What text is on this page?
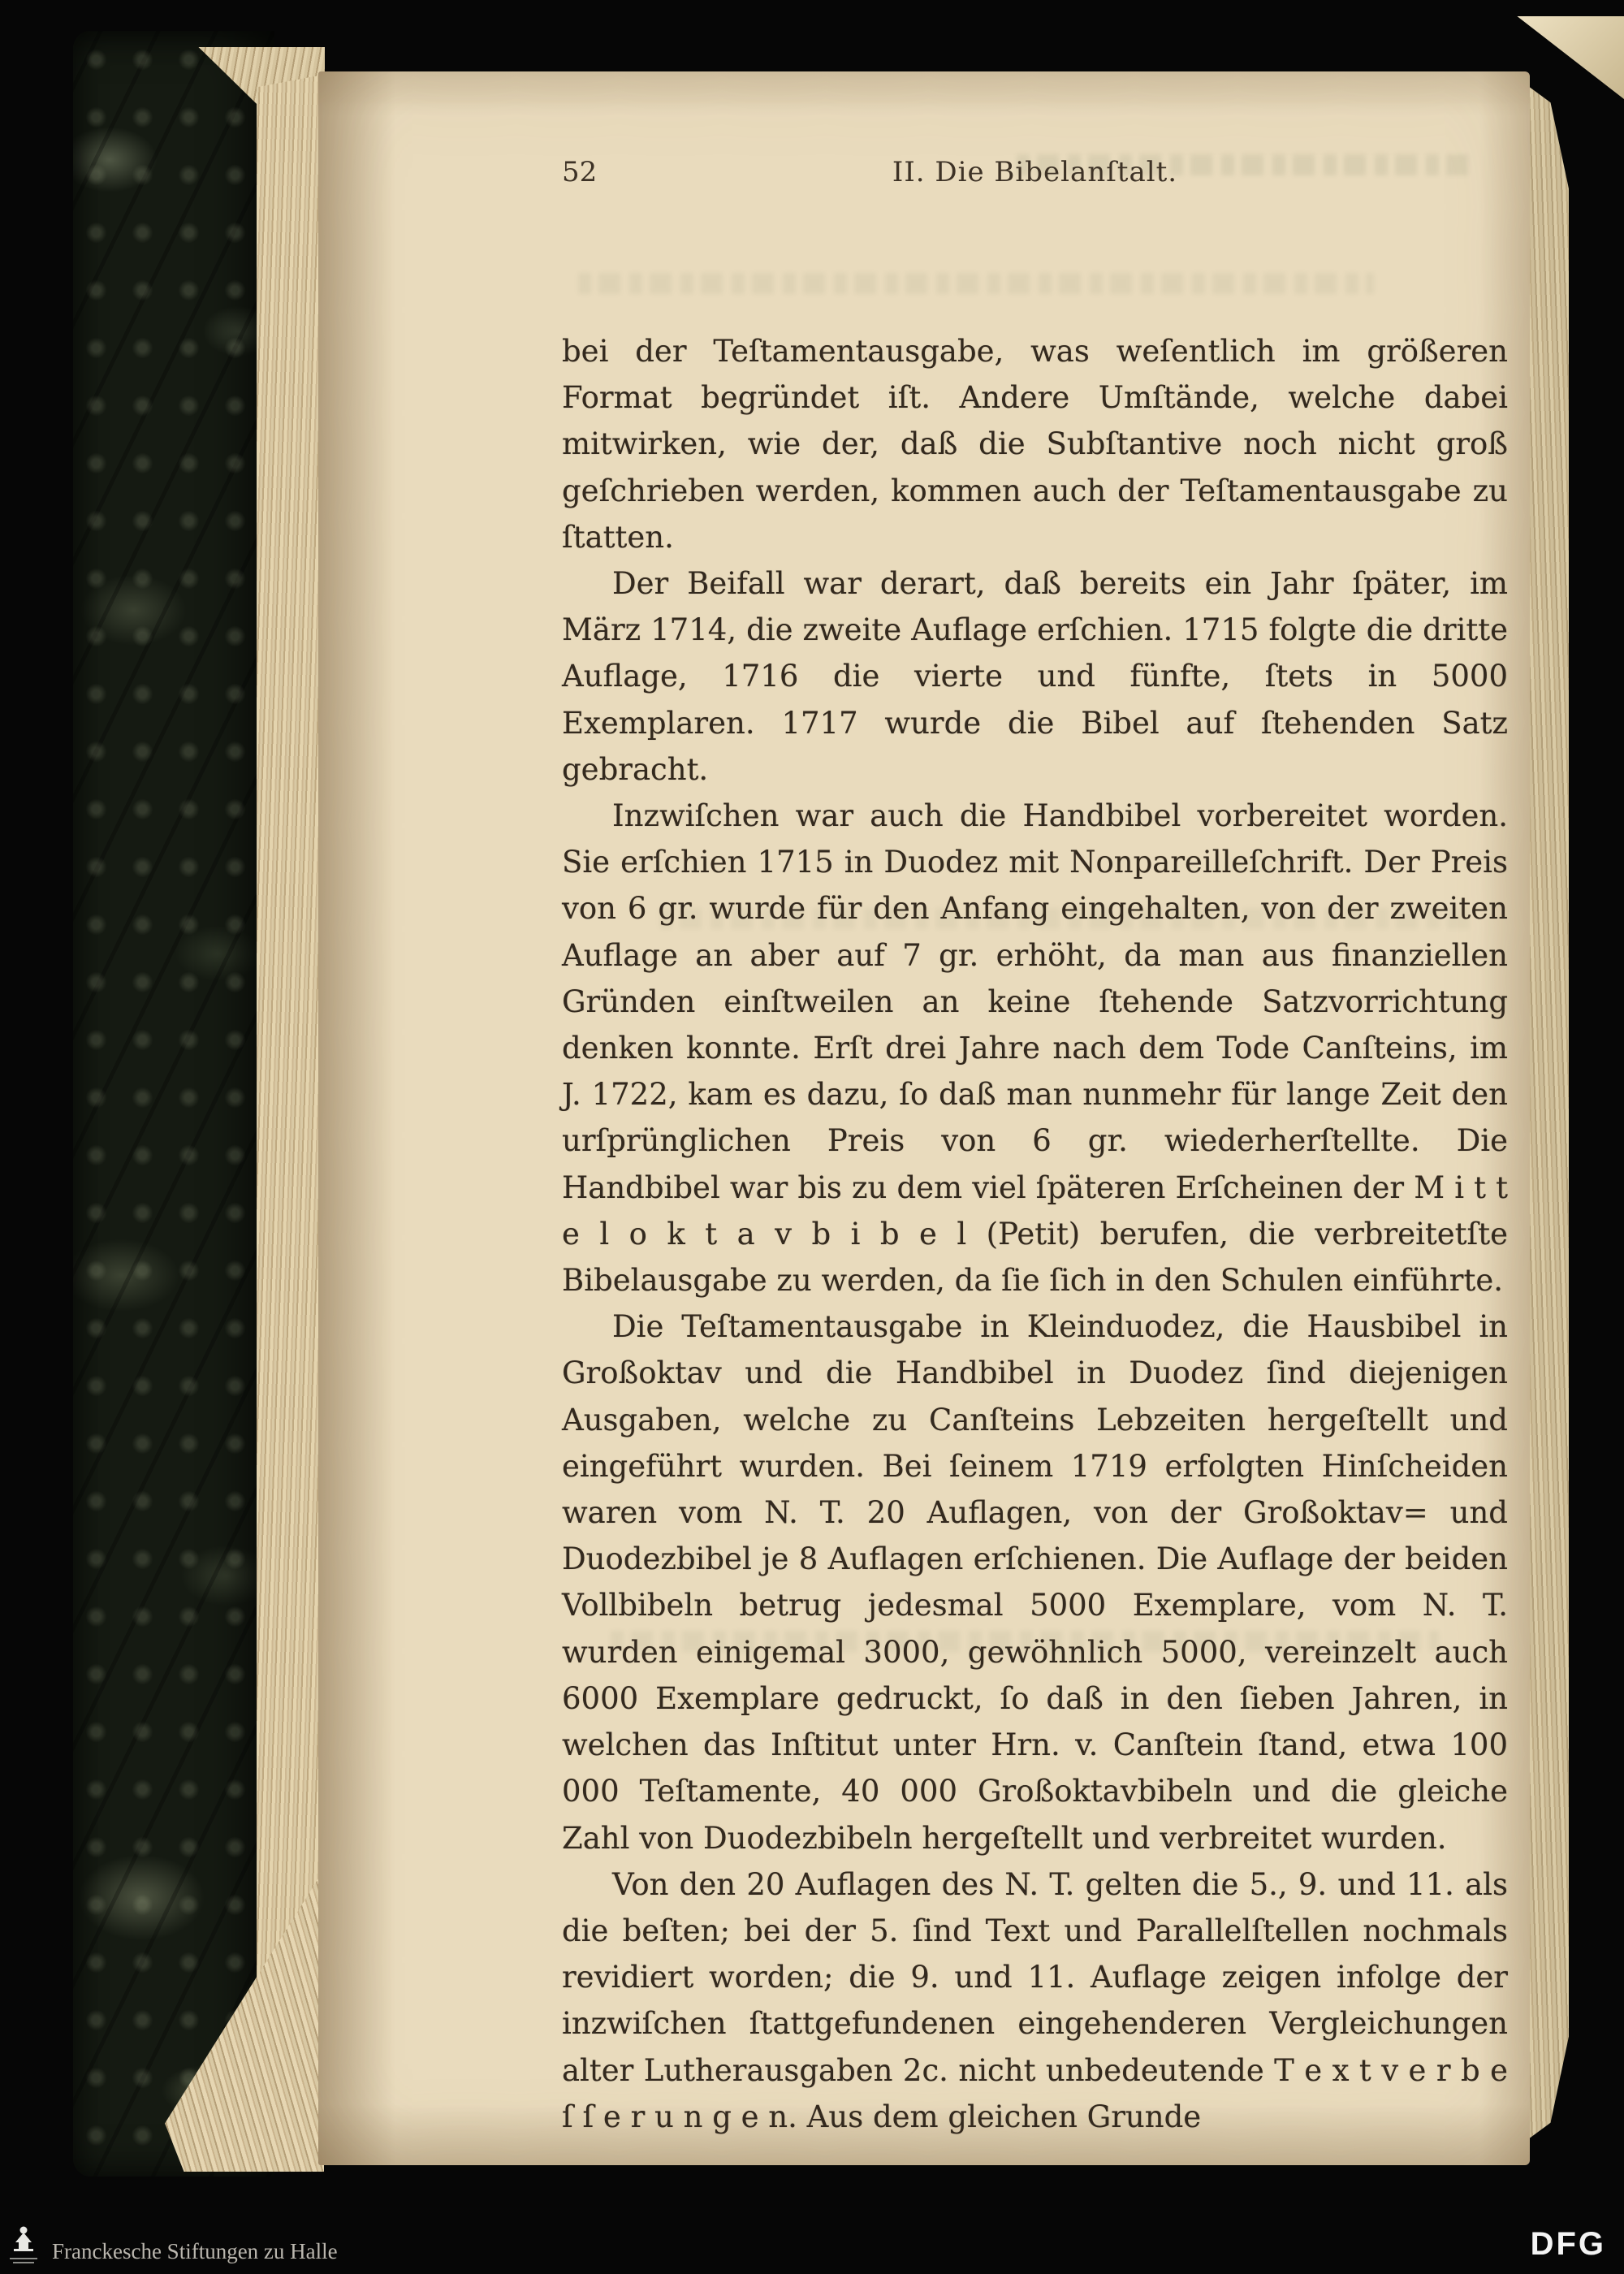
52	II. Die Bibelanſtalt.

bei der Teſtamentausgabe, was weſentlich im größeren Format begründet iſt. Andere Umſtände, welche dabei mitwirken, wie der, daß die Subſtantive noch nicht groß geſchrieben werden, kommen auch der Teſtamentausgabe zu ſtatten.

Der Beifall war derart, daß bereits ein Jahr ſpäter, im März 1714, die zweite Auflage erſchien. 1715 folgte die dritte Auflage, 1716 die vierte und fünfte, ſtets in 5000 Exemplaren. 1717 wurde die Bibel auf ſtehenden Satz gebracht.

Inzwiſchen war auch die Handbibel vorbereitet worden. Sie erſchien 1715 in Duodez mit Nonpareilleſchrift. Der Preis von 6 gr. wurde für den Anfang eingehalten, von der zweiten Auflage an aber auf 7 gr. erhöht, da man aus finanziellen Gründen einſtweilen an keine ſtehende Satzvorrichtung denken konnte. Erſt drei Jahre nach dem Tode Canſteins, im J. 1722, kam es dazu, ſo daß man nunmehr für lange Zeit den urſprünglichen Preis von 6 gr. wiederherſtellte. Die Handbibel war bis zu dem viel ſpäteren Erſcheinen der M i t t e l o k t a v b i b e l (Petit) berufen, die verbreitetſte Bibelausgabe zu werden, da ſie ſich in den Schulen einführte.

Die Teſtamentausgabe in Kleinduodez, die Hausbibel in Großoktav und die Handbibel in Duodez ſind diejenigen Ausgaben, welche zu Canſteins Lebzeiten hergeſtellt und eingeführt wurden. Bei ſeinem 1719 erfolgten Hinſcheiden waren vom N. T. 20 Auflagen, von der Großoktav= und Duodezbibel je 8 Auflagen erſchienen. Die Auflage der beiden Vollbibeln betrug jedesmal 5000 Exemplare, vom N. T. wurden einigemal 3000, gewöhnlich 5000, vereinzelt auch 6000 Exemplare gedruckt, ſo daß in den ſieben Jahren, in welchen das Inſtitut unter Hrn. v. Canſtein ſtand, etwa 100 000 Teſtamente, 40 000 Großoktavbibeln und die gleiche Zahl von Duodezbibeln hergeſtellt und verbreitet wurden.

Von den 20 Auflagen des N. T. gelten die 5., 9. und 11. als die beſten; bei der 5. ſind Text und Parallelſtellen nochmals revidiert worden; die 9. und 11. Auflage zeigen infolge der inzwiſchen ſtattgefundenen eingehenderen Vergleichungen alter Lutherausgaben 2c. nicht unbedeutende T e x t v e r b e ſ ſ e r u n g e n. Aus dem gleichen Grunde

Franckesche Stiftungen zu Halle	DFG
